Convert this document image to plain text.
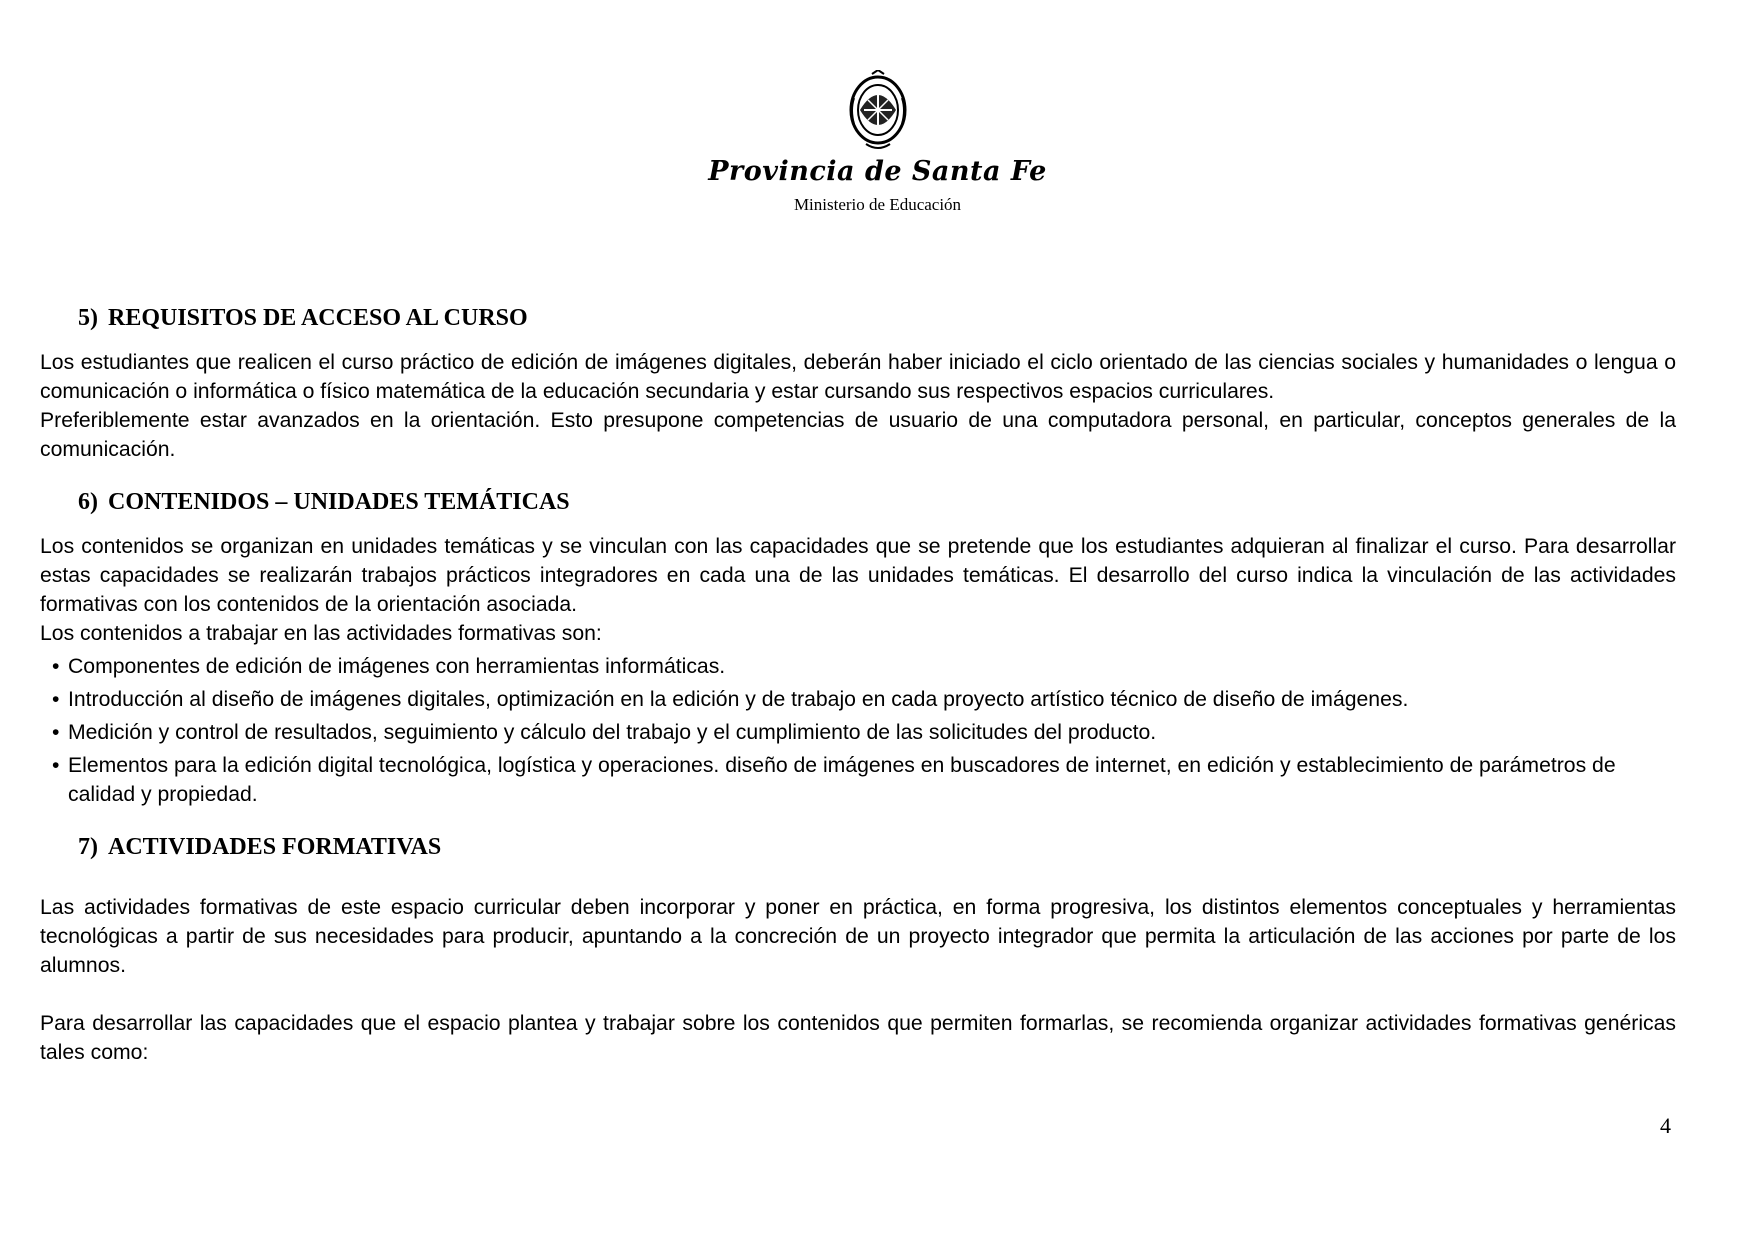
Provincia de Santa Fe
Ministerio de Educación
5) REQUISITOS DE ACCESO AL CURSO

Los estudiantes que realicen el curso práctico de edición de imágenes digitales, deberán haber iniciado el ciclo orientado de las ciencias sociales y humanidades o lengua o comunicación o informática o físico matemática de la educación secundaria y estar cursando sus respectivos espacios curriculares.

Preferiblemente estar avanzados en la orientación. Esto presupone competencias de usuario de una computadora personal, en particular, conceptos generales de la comunicación.

6) CONTENIDOS – UNIDADES TEMÁTICAS

Los contenidos se organizan en unidades temáticas y se vinculan con las capacidades que se pretende que los estudiantes adquieran al finalizar el curso. Para desarrollar estas capacidades se realizarán trabajos prácticos integradores en cada una de las unidades temáticas. El desarrollo del curso indica la vinculación de las actividades formativas con los contenidos de la orientación asociada.

Los contenidos a trabajar en las actividades formativas son:

• Componentes de edición de imágenes con herramientas informáticas.
• Introducción al diseño de imágenes digitales, optimización en la edición y de trabajo en cada proyecto artístico técnico de diseño de imágenes.
• Medición y control de resultados, seguimiento y cálculo del trabajo y el cumplimiento de las solicitudes del producto.
• Elementos para la edición digital tecnológica, logística y operaciones. diseño de imágenes en buscadores de internet, en edición y establecimiento de parámetros de calidad y propiedad.
7) ACTIVIDADES FORMATIVAS

Las actividades formativas de este espacio curricular deben incorporar y poner en práctica, en forma progresiva, los distintos elementos conceptuales y herramientas tecnológicas a partir de sus necesidades para producir, apuntando a la concreción de un proyecto integrador que permita la articulación de las acciones por parte de los alumnos.

Para desarrollar las capacidades que el espacio plantea y trabajar sobre los contenidos que permiten formarlas, se recomienda organizar actividades formativas genéricas tales como:

4
